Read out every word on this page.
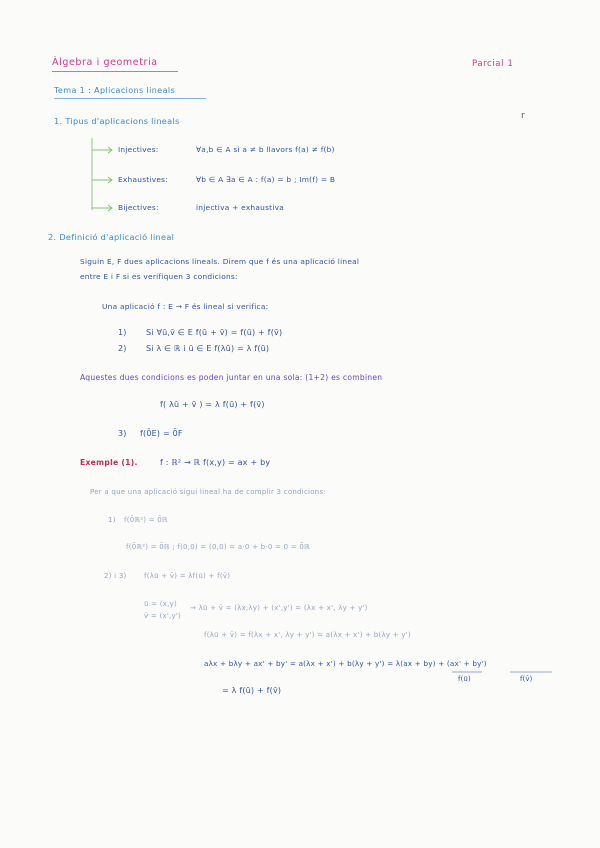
Àlgebra i geometria	Parcial 1
Tema 1 : Aplicacions lineals
r
1. Tipus d'aplicacions lineals
Injectives:	∀a,b ∈ A si a ≠ b llavors f(a) ≠ f(b)
Exhaustives:	∀b ∈ A ∃a ∈ A : f(a) = b ; Im(f) = B
Bijectives:	injectiva + exhaustiva
2. Definició d'aplicació lineal
Siguin E, F dues aplicacions lineals. Direm que f és una aplicació lineal
entre E i F si es verifiquen 3 condicions:
Una aplicació f : E → F és lineal si verifica:
1) Si ∀ū,v̄ ∈ E f(ū + v̄) = f(ū) + f(v̄)
2) Si λ ∈ ℝ i ū ∈ E f(λū) = λ f(ū)
Aquestes dues condicions es poden juntar en una sola: (1+2) es combinen
f( λū + v̄ ) = λ f(ū) + f(v̄)
3) f(0̄E) = 0̄F
Exemple (1).	f : ℝ² → ℝ f(x,y) = ax + by
Per a que una aplicació sigui lineal ha de complir 3 condicions:
1) f(0̄ℝ²) = 0̄ℝ
f(0̄ℝ²) = 0̄ℝ ; f(0,0) = (0,0) = a·0 + b·0 = 0 = 0̄ℝ
2) i 3) f(λū + v̄) = λf(ū) + f(v̄)
ū = (x,y)
v̄ = (x',y')
→ λū + v̄ = (λx,λy) + (x',y') = (λx + x', λy + y')
f(λū + v̄) = f(λx + x', λy + y') = a(λx + x') + b(λy + y')
aλx + bλy + ax' + by' = a(λx + x') + b(λy + y') = λ(ax + by) + (ax' + by')
f(ū)	f(v̄)
= λ f(ū) + f(v̄)
